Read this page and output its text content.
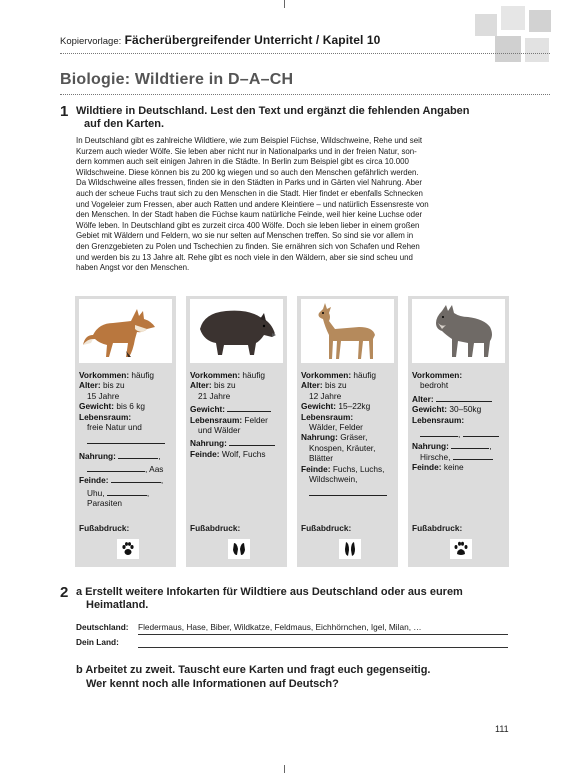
Kopiervorlage: Fächerübergreifender Unterricht / Kapitel 10
Biologie: Wildtiere in D–A–CH
1 Wildtiere in Deutschland. Lest den Text und ergänzt die fehlenden Angaben
auf den Karten.
In Deutschland gibt es zahlreiche Wildtiere, wie zum Beispiel Füchse, Wildschweine, Rehe und seit
Kurzem auch wieder Wölfe. Sie leben aber nicht nur in Nationalparks und in der freien Natur, son-
dern kommen auch seit einigen Jahren in die Städte. In Berlin zum Beispiel gibt es circa 10.000
Wildschweine. Diese können bis zu 200 kg wiegen und so auch den Menschen gefährlich werden.
Da Wildschweine alles fressen, finden sie in den Städten in Parks und in Gärten viel Nahrung. Aber
auch der scheue Fuchs traut sich zu den Menschen in die Stadt. Hier findet er ebenfalls Schnecken
und Vogeleier zum Fressen, aber auch Ratten und andere Kleintiere – und natürlich Essensreste von
den Menschen. In der Stadt haben die Füchse kaum natürliche Feinde, weil hier keine Luchse oder
Wölfe leben. In Deutschland gibt es zurzeit circa 400 Wölfe. Doch sie leben lieber in einem großen
Gebiet mit Wäldern und Feldern, wo sie nur selten auf Menschen treffen. So sind sie vor allem in
den Grenzgebieten zu Polen und Tschechien zu finden. Sie ernähren sich von Schafen und Rehen
und werden bis zu 13 Jahre alt. Rehe gibt es noch viele in den Wäldern, aber sie sind scheu und
haben Angst vor den Menschen.
Vorkommen: häufig
Alter: bis zu
15 Jahre
Gewicht: bis 6 kg
Lebensraum:
freie Natur und
Nahrung:	,
, Aas
Feinde:	,
Uhu,	,
Parasiten
Fußabdruck:
Vorkommen: häufig
Alter: bis zu
21 Jahre
Gewicht:
Lebensraum: Felder
und Wälder
Nahrung:
Feinde: Wolf, Fuchs
Fußabdruck:
Vorkommen: häufig
Alter: bis zu
12 Jahre
Gewicht: 15–22kg
Lebensraum:
Wälder, Felder
Nahrung: Gräser,
Knospen, Kräuter,
Blätter
Feinde: Fuchs, Luchs,
Wildschwein,
Fußabdruck:
Vorkommen:
bedroht
Alter:
Gewicht: 30–50kg
Lebensraum:
,
Nahrung:	,
Hirsche,
Feinde: keine
Fußabdruck:
2 a Erstellt weitere Infokarten für Wildtiere aus Deutschland oder aus eurem
Heimatland.
Deutschland: Fledermaus, Hase, Biber, Wildkatze, Feldmaus, Eichhörnchen, Igel, Milan, …
Dein Land:
b Arbeitet zu zweit. Tauscht eure Karten und fragt euch gegenseitig.
Wer kennt noch alle Informationen auf Deutsch?
111
